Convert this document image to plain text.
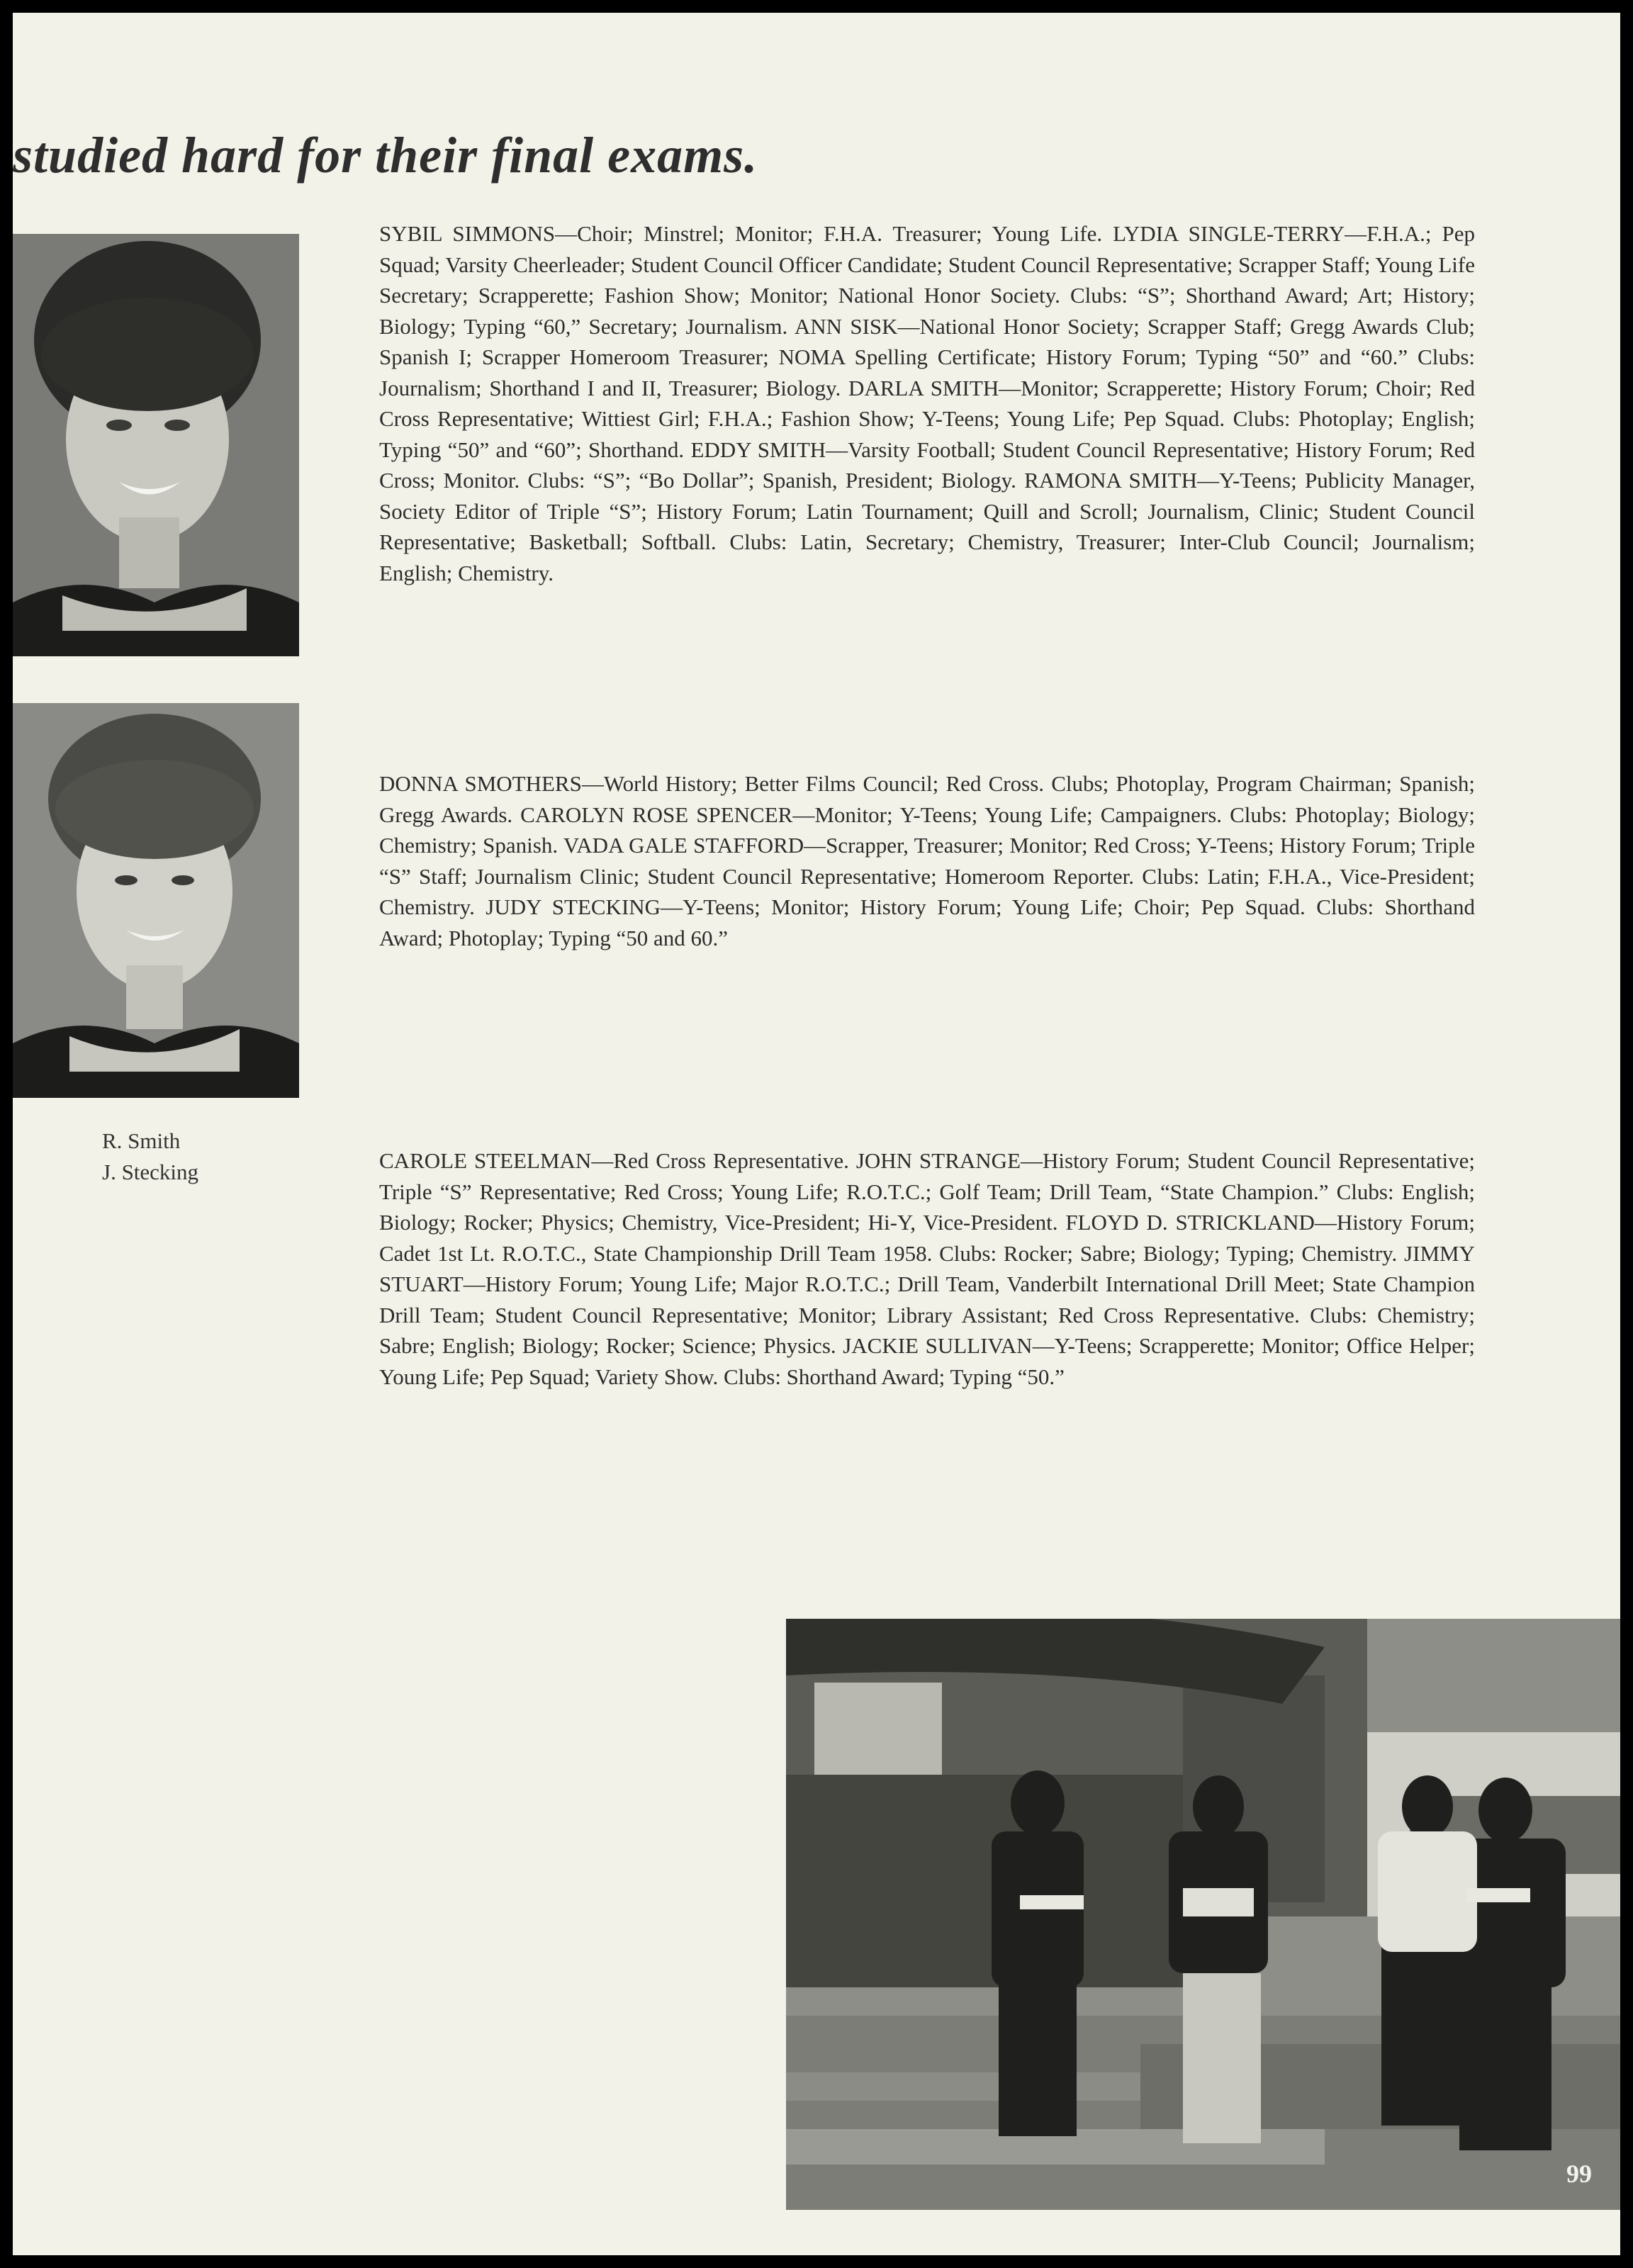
studied hard for their final exams.
R. Smith
J. Stecking

SYBIL SIMMONS—Choir; Minstrel; Monitor; F.H.A. Treasurer; Young Life. LYDIA SINGLE-TERRY—F.H.A.; Pep Squad; Varsity Cheerleader; Student Council Officer Candidate; Student Council Representative; Scrapper Staff; Young Life Secretary; Scrapperette; Fashion Show; Monitor; National Honor Society. Clubs: “S”; Shorthand Award; Art; History; Biology; Typing “60,” Secretary; Journalism. ANN SISK—National Honor Society; Scrapper Staff; Gregg Awards Club; Spanish I; Scrapper Homeroom Treasurer; NOMA Spelling Certificate; History Forum; Typing “50” and “60.” Clubs: Journalism; Shorthand I and II, Treasurer; Biology. DARLA SMITH—Monitor; Scrapperette; History Forum; Choir; Red Cross Representative; Wittiest Girl; F.H.A.; Fashion Show; Y-Teens; Young Life; Pep Squad. Clubs: Photoplay; English; Typing “50” and “60”; Shorthand. EDDY SMITH—Varsity Football; Student Council Representative; History Forum; Red Cross; Monitor. Clubs: “S”; “Bo Dollar”; Spanish, President; Biology. RAMONA SMITH—Y-Teens; Publicity Manager, Society Editor of Triple “S”; History Forum; Latin Tournament; Quill and Scroll; Journalism, Clinic; Student Council Representative; Basketball; Softball. Clubs: Latin, Secretary; Chemistry, Treasurer; Inter-Club Council; Journalism; English; Chemistry.

DONNA SMOTHERS—World History; Better Films Council; Red Cross. Clubs; Photoplay, Program Chairman; Spanish; Gregg Awards. CAROLYN ROSE SPENCER—Monitor; Y-Teens; Young Life; Campaigners. Clubs: Photoplay; Biology; Chemistry; Spanish. VADA GALE STAFFORD—Scrapper, Treasurer; Monitor; Red Cross; Y-Teens; History Forum; Triple “S” Staff; Journalism Clinic; Student Council Representative; Homeroom Reporter. Clubs: Latin; F.H.A., Vice-President; Chemistry. JUDY STECKING—Y-Teens; Monitor; History Forum; Young Life; Choir; Pep Squad. Clubs: Shorthand Award; Photoplay; Typing “50 and 60.”

CAROLE STEELMAN—Red Cross Representative. JOHN STRANGE—History Forum; Student Council Representative; Triple “S” Representative; Red Cross; Young Life; R.O.T.C.; Golf Team; Drill Team, “State Champion.” Clubs: English; Biology; Rocker; Physics; Chemistry, Vice-President; Hi-Y, Vice-President. FLOYD D. STRICKLAND—History Forum; Cadet 1st Lt. R.O.T.C., State Championship Drill Team 1958. Clubs: Rocker; Sabre; Biology; Typing; Chemistry. JIMMY STUART—History Forum; Young Life; Major R.O.T.C.; Drill Team, Vanderbilt International Drill Meet; State Champion Drill Team; Student Council Representative; Monitor; Library Assistant; Red Cross Representative. Clubs: Chemistry; Sabre; English; Biology; Rocker; Science; Physics. JACKIE SULLIVAN—Y-Teens; Scrapperette; Monitor; Office Helper; Young Life; Pep Squad; Variety Show. Clubs: Shorthand Award; Typing “50.”

99
